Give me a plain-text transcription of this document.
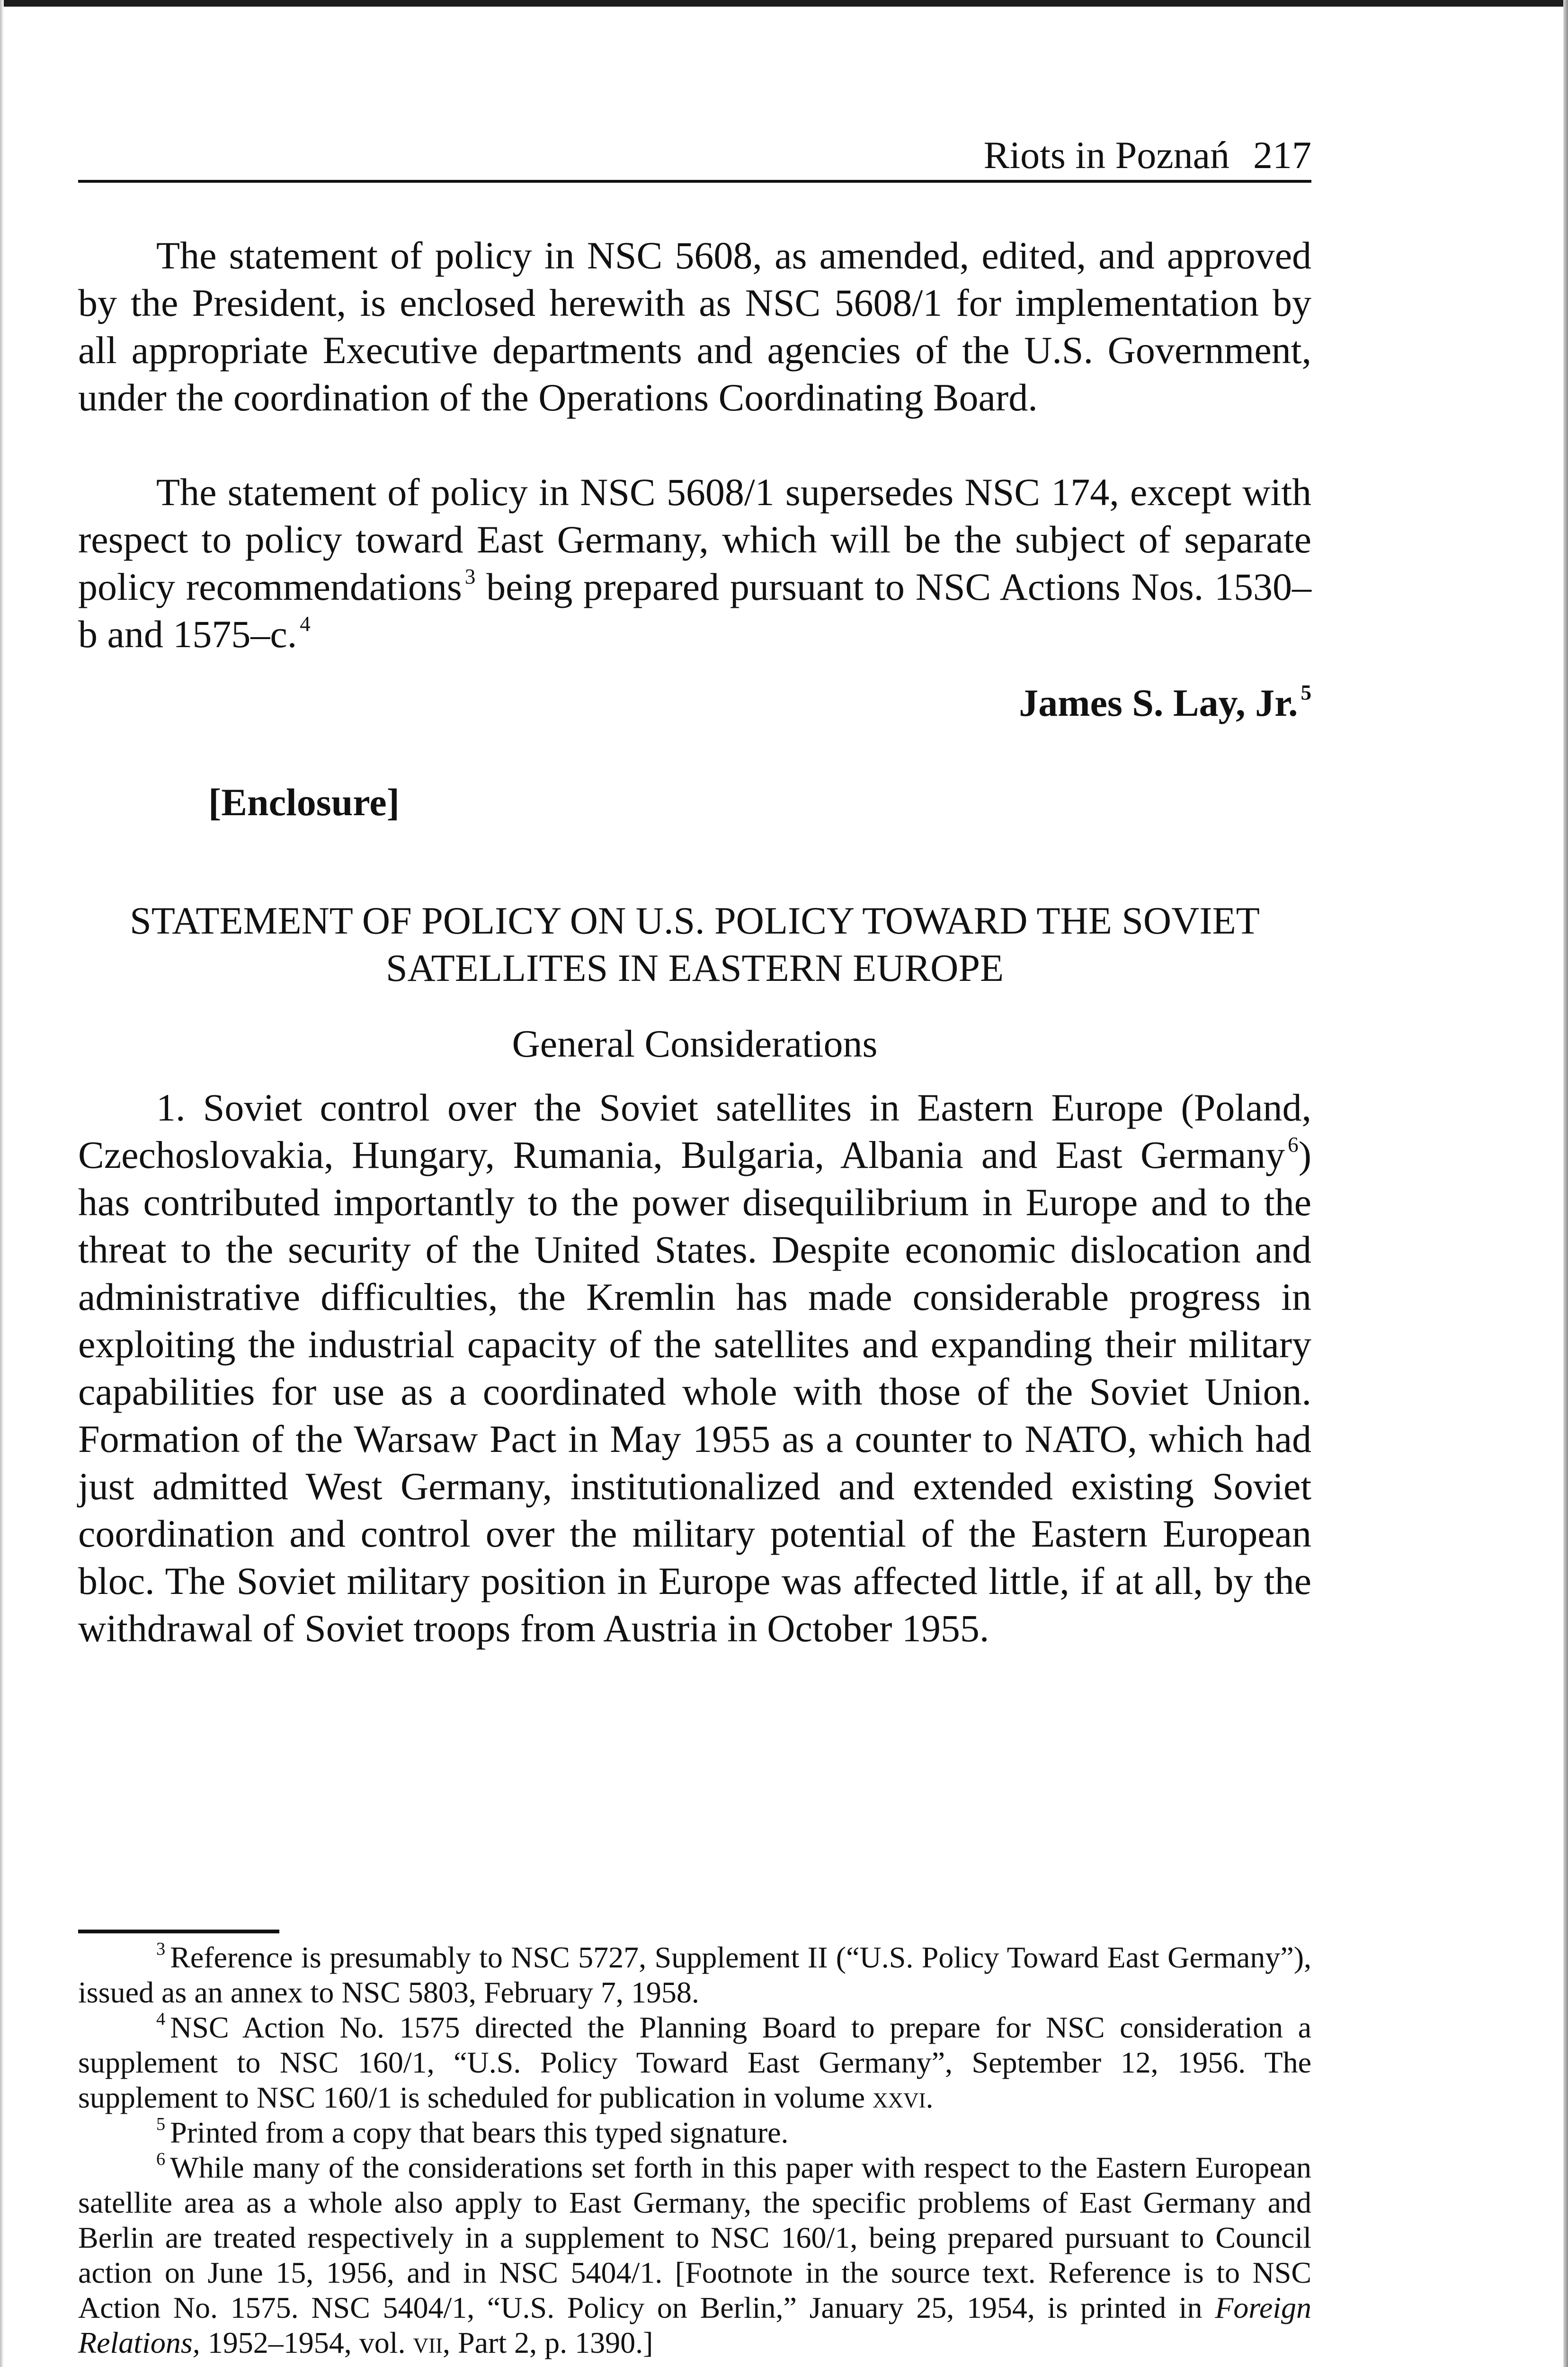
Riots in Poznań 217

The statement of policy in NSC 5608, as amended, edited, and approved by the President, is enclosed herewith as NSC 5608/1 for implementation by all appropriate Executive departments and agencies of the U.S. Government, under the coordination of the Operations Coordinating Board.

The statement of policy in NSC 5608/1 supersedes NSC 174, except with respect to policy toward East Germany, which will be the subject of separate policy recommendations $^3$ being prepared pursuant to NSC Actions Nos. 1530–b and 1575–c. $^4$

James S. Lay, Jr. $^5$
[Enclosure]
STATEMENT OF POLICY ON U.S. POLICY TOWARD THE SOVIET
SATELLITES IN EASTERN EUROPE
General Considerations

1. Soviet control over the Soviet satellites in Eastern Europe (Poland, Czechoslovakia, Hungary, Rumania, Bulgaria, Albania and East Germany $^6$) has contributed importantly to the power disequilibrium in Europe and to the threat to the security of the United States. Despite economic dislocation and administrative difficulties, the Kremlin has made considerable progress in exploiting the industrial capacity of the satellites and expanding their military capabilities for use as a coordinated whole with those of the Soviet Union. Formation of the Warsaw Pact in May 1955 as a counter to NATO, which had just admitted West Germany, institutionalized and extended existing Soviet coordination and control over the military potential of the Eastern European bloc. The Soviet military position in Europe was affected little, if at all, by the withdrawal of Soviet troops from Austria in October 1955.

$^3$ Reference is presumably to NSC 5727, Supplement II (“U.S. Policy Toward East Germany”), issued as an annex to NSC 5803, February 7, 1958.

$^4$ NSC Action No. 1575 directed the Planning Board to prepare for NSC consideration a supplement to NSC 160/1, “U.S. Policy Toward East Germany”, September 12, 1956. The supplement to NSC 160/1 is scheduled for publication in volume xxvi.

$^5$ Printed from a copy that bears this typed signature.

$^6$ While many of the considerations set forth in this paper with respect to the Eastern European satellite area as a whole also apply to East Germany, the specific problems of East Germany and Berlin are treated respectively in a supplement to NSC 160/1, being prepared pursuant to Council action on June 15, 1956, and in NSC 5404/1. [Footnote in the source text. Reference is to NSC Action No. 1575. NSC 5404/1, “U.S. Policy on Berlin,” January 25, 1954, is printed in Foreign Relations, 1952–1954, vol. vii, Part 2, p. 1390.]
